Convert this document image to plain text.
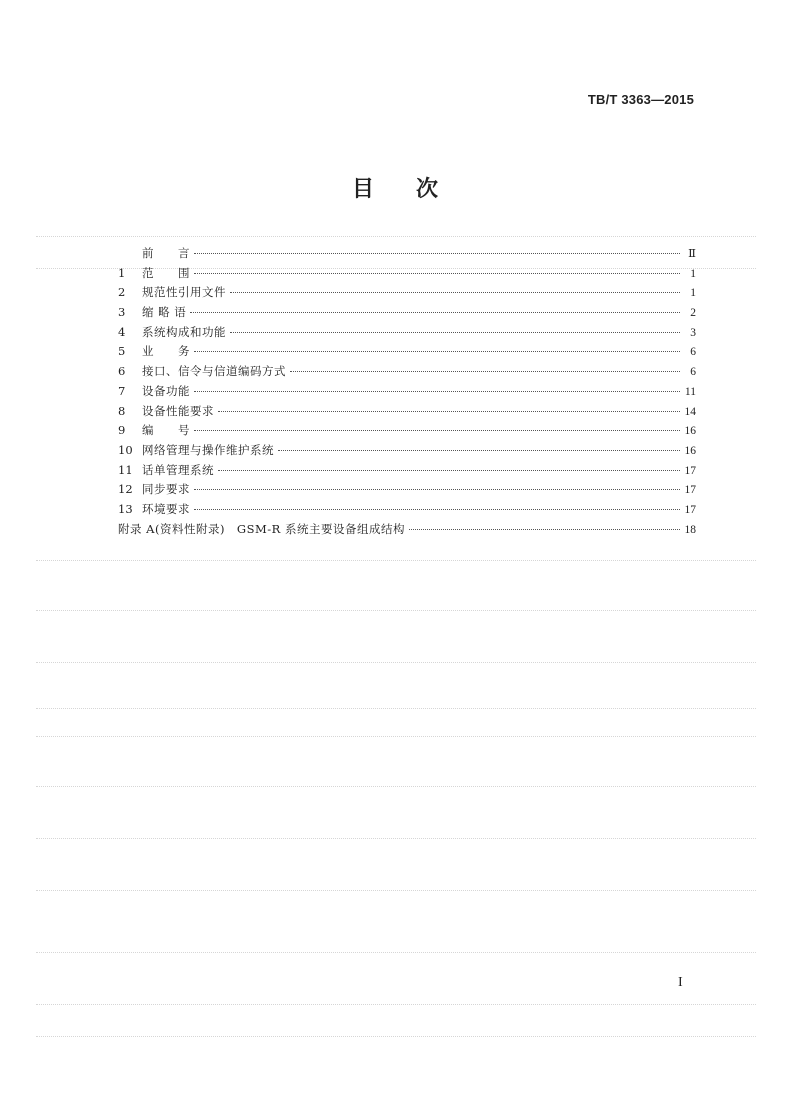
TB/T 3363—2015
目 次
前　　言	Ⅱ
1	范　　围	1
2	规范性引用文件	1
3	缩 略 语	2
4	系统构成和功能	3
5	业　　务	6
6	接口、信令与信道编码方式	6
7	设备功能	11
8	设备性能要求	14
9	编　　号	16
10 网络管理与操作维护系统	16
11 话单管理系统	17
12 同步要求	17
13 环境要求	17
附录 A(资料性附录)　GSM-R 系统主要设备组成结构	18
I
